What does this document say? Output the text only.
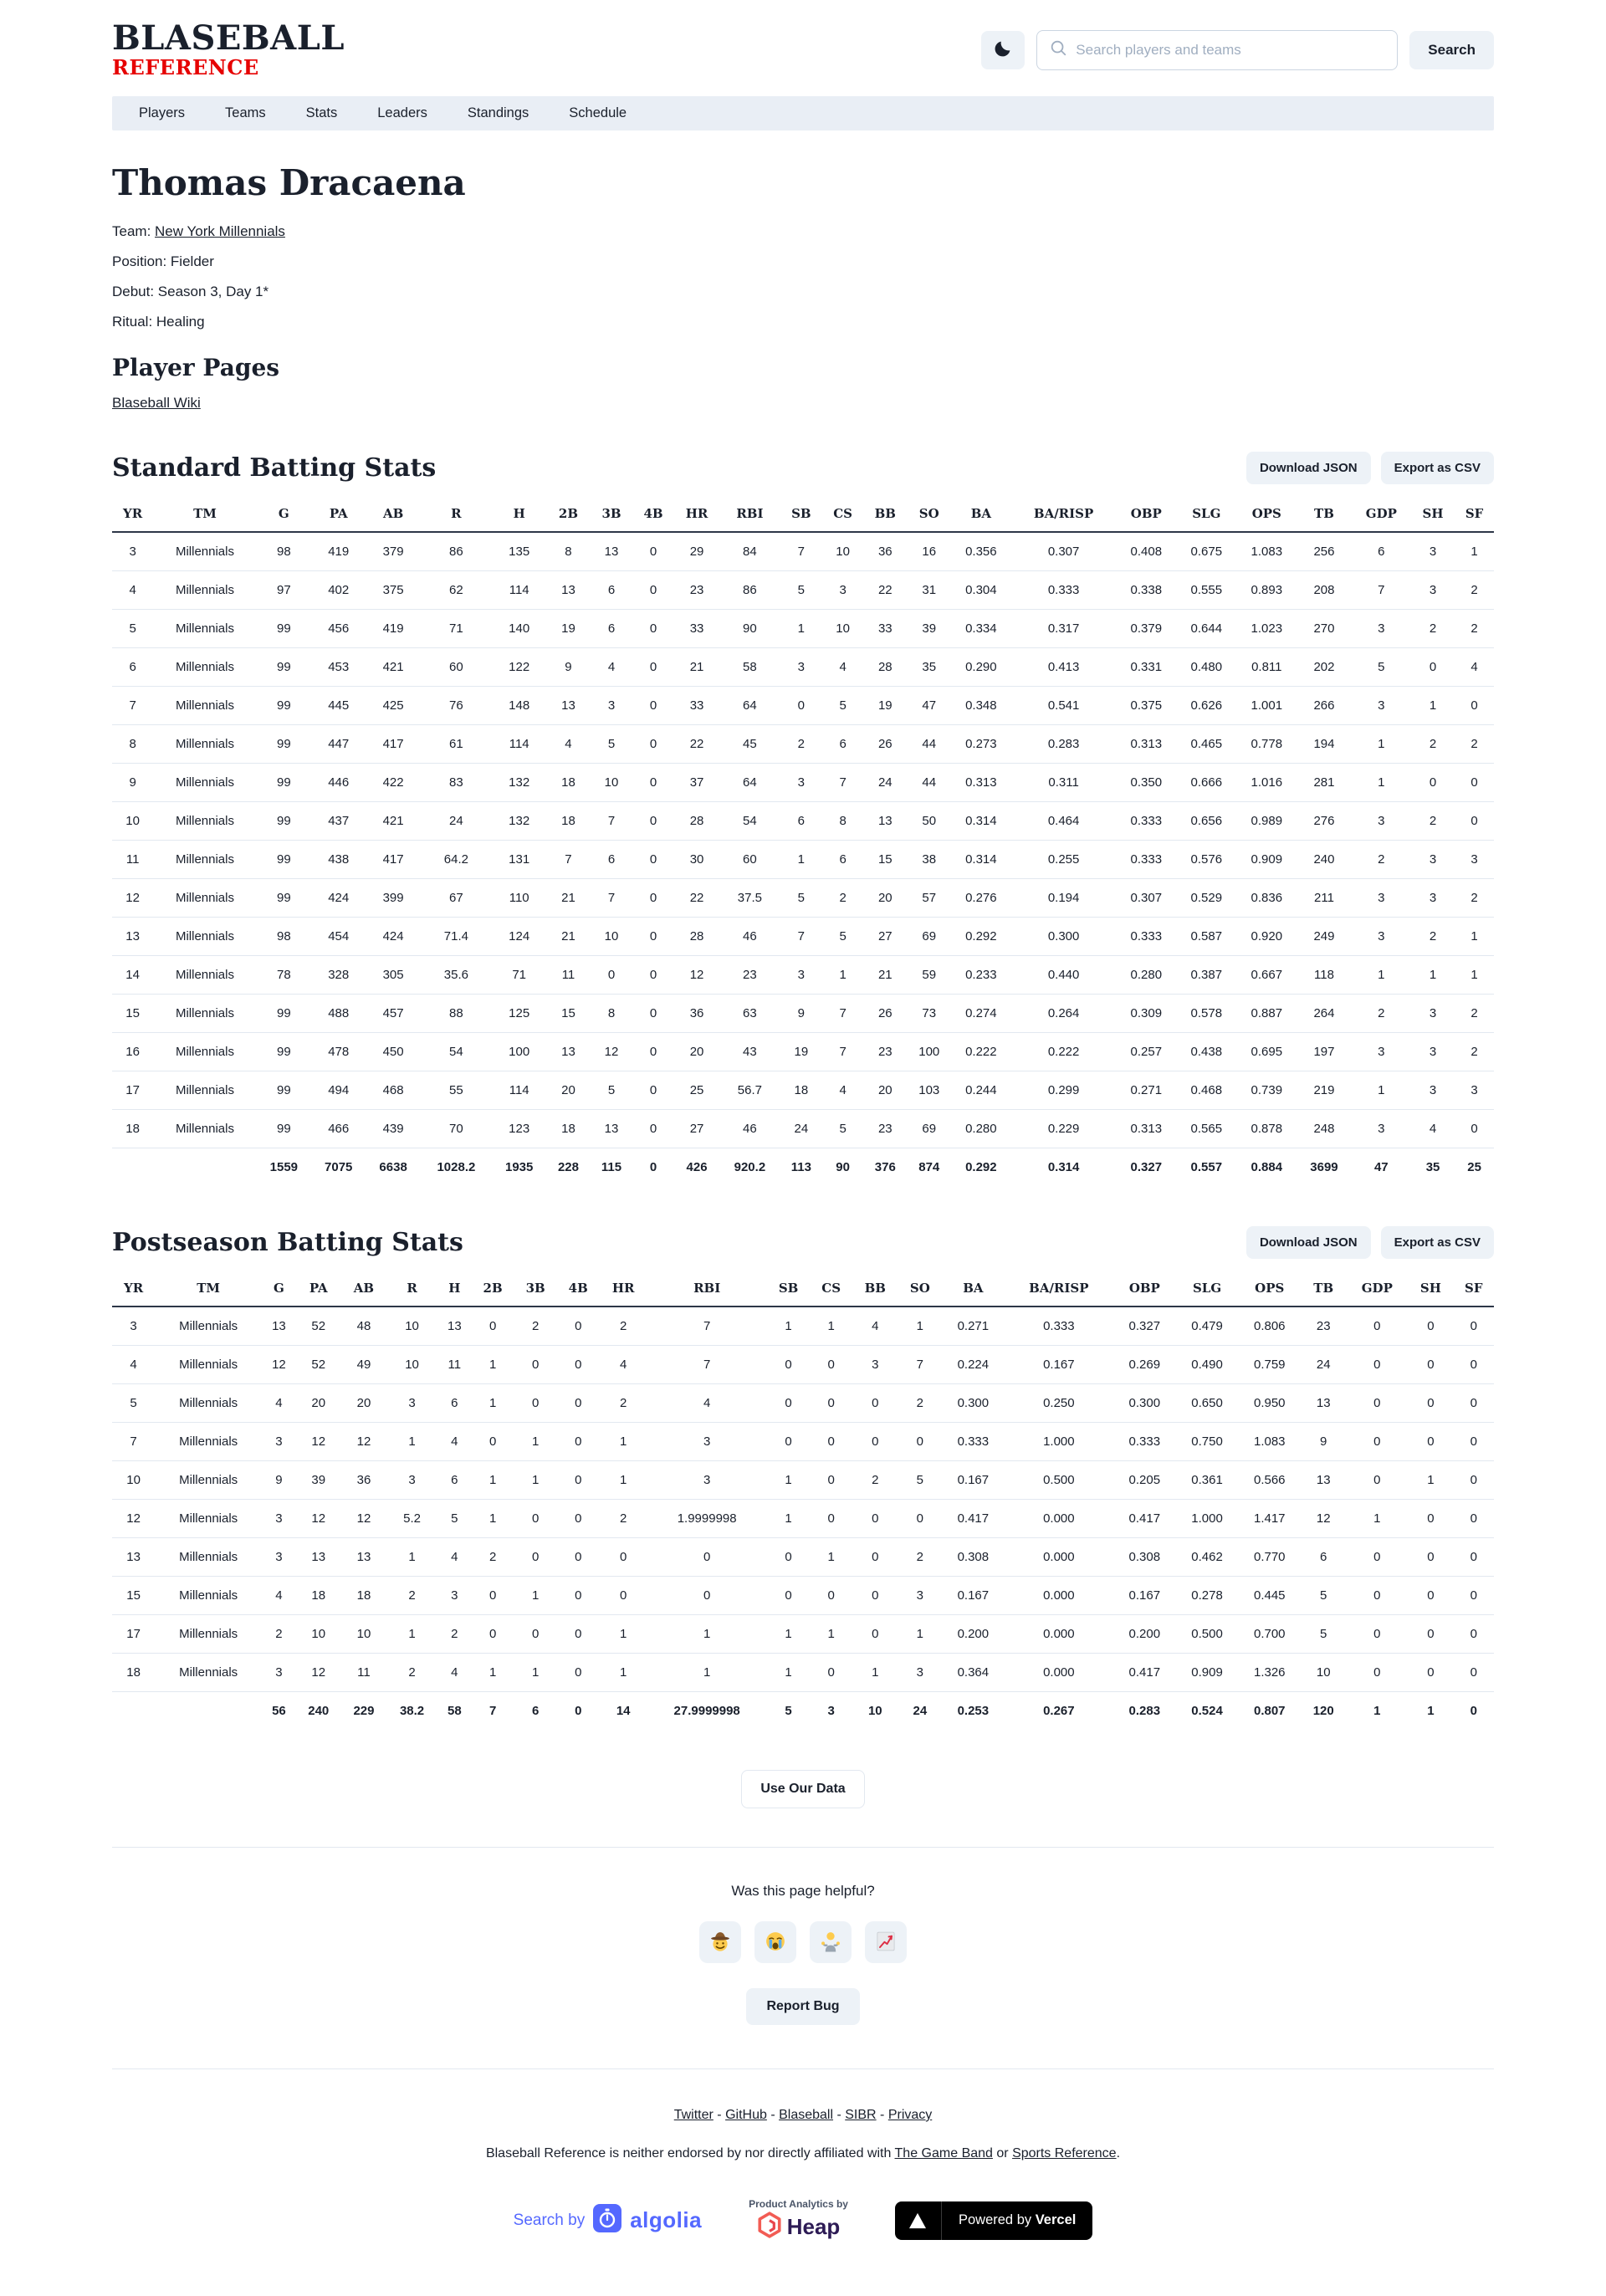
BLASEBALL
REFERENCE
Search players and teams
Search
Players	Teams	Stats	Leaders	Standings	Schedule
Thomas Dracaena

Team: New York Millennials

Position: Fielder

Debut: Season 3, Day 1*

Ritual: Healing

Player Pages

Blaseball Wiki

Standard Batting Stats	Download JSON	Export as CSV
YR	TM	G	PA	AB	R	H	2B	3B	4B	HR	RBI	SB	CS	BB	SO	BA	BA/RISP	OBP	SLG	OPS	TB	GDP	SH	SF
3	Millennials	98	419	379	86	135	8	13	0	29	84	7	10	36	16	0.356	0.307	0.408	0.675	1.083	256	6	3	1
4	Millennials	97	402	375	62	114	13	6	0	23	86	5	3	22	31	0.304	0.333	0.338	0.555	0.893	208	7	3	2
5	Millennials	99	456	419	71	140	19	6	0	33	90	1	10	33	39	0.334	0.317	0.379	0.644	1.023	270	3	2	2
6	Millennials	99	453	421	60	122	9	4	0	21	58	3	4	28	35	0.290	0.413	0.331	0.480	0.811	202	5	0	4
7	Millennials	99	445	425	76	148	13	3	0	33	64	0	5	19	47	0.348	0.541	0.375	0.626	1.001	266	3	1	0
8	Millennials	99	447	417	61	114	4	5	0	22	45	2	6	26	44	0.273	0.283	0.313	0.465	0.778	194	1	2	2
9	Millennials	99	446	422	83	132	18	10	0	37	64	3	7	24	44	0.313	0.311	0.350	0.666	1.016	281	1	0	0
10	Millennials	99	437	421	24	132	18	7	0	28	54	6	8	13	50	0.314	0.464	0.333	0.656	0.989	276	3	2	0
11	Millennials	99	438	417	64.2	131	7	6	0	30	60	1	6	15	38	0.314	0.255	0.333	0.576	0.909	240	2	3	3
12	Millennials	99	424	399	67	110	21	7	0	22	37.5	5	2	20	57	0.276	0.194	0.307	0.529	0.836	211	3	3	2
13	Millennials	98	454	424	71.4	124	21	10	0	28	46	7	5	27	69	0.292	0.300	0.333	0.587	0.920	249	3	2	1
14	Millennials	78	328	305	35.6	71	11	0	0	12	23	3	1	21	59	0.233	0.440	0.280	0.387	0.667	118	1	1	1
15	Millennials	99	488	457	88	125	15	8	0	36	63	9	7	26	73	0.274	0.264	0.309	0.578	0.887	264	2	3	2
16	Millennials	99	478	450	54	100	13	12	0	20	43	19	7	23	100	0.222	0.222	0.257	0.438	0.695	197	3	3	2
17	Millennials	99	494	468	55	114	20	5	0	25	56.7	18	4	20	103	0.244	0.299	0.271	0.468	0.739	219	1	3	3
18	Millennials	99	466	439	70	123	18	13	0	27	46	24	5	23	69	0.280	0.229	0.313	0.565	0.878	248	3	4	0
		1559	7075	6638	1028.2	1935	228	115	0	426	920.2	113	90	376	874	0.292	0.314	0.327	0.557	0.884	3699	47	35	25
Postseason Batting Stats	Download JSON	Export as CSV
YR	TM	G	PA	AB	R	H	2B	3B	4B	HR	RBI	SB	CS	BB	SO	BA	BA/RISP	OBP	SLG	OPS	TB	GDP	SH	SF
3	Millennials	13	52	48	10	13	0	2	0	2	7	1	1	4	1	0.271	0.333	0.327	0.479	0.806	23	0	0	0
4	Millennials	12	52	49	10	11	1	0	0	4	7	0	0	3	7	0.224	0.167	0.269	0.490	0.759	24	0	0	0
5	Millennials	4	20	20	3	6	1	0	0	2	4	0	0	0	2	0.300	0.250	0.300	0.650	0.950	13	0	0	0
7	Millennials	3	12	12	1	4	0	1	0	1	3	0	0	0	0	0.333	1.000	0.333	0.750	1.083	9	0	0	0
10	Millennials	9	39	36	3	6	1	1	0	1	3	1	0	2	5	0.167	0.500	0.205	0.361	0.566	13	0	1	0
12	Millennials	3	12	12	5.2	5	1	0	0	2	1.9999998	1	0	0	0	0.417	0.000	0.417	1.000	1.417	12	1	0	0
13	Millennials	3	13	13	1	4	2	0	0	0	0	0	1	0	2	0.308	0.000	0.308	0.462	0.770	6	0	0	0
15	Millennials	4	18	18	2	3	0	1	0	0	0	0	0	0	3	0.167	0.000	0.167	0.278	0.445	5	0	0	0
17	Millennials	2	10	10	1	2	0	0	0	1	1	1	1	0	1	0.200	0.000	0.200	0.500	0.700	5	0	0	0
18	Millennials	3	12	11	2	4	1	1	0	1	1	1	0	1	3	0.364	0.000	0.417	0.909	1.326	10	0	0	0
		56	240	229	38.2	58	7	6	0	14	27.9999998	5	3	10	24	0.253	0.267	0.283	0.524	0.807	120	1	1	0
Use Our Data

Was this page helpful?

Report Bug

Twitter - GitHub - Blaseball - SIBR - Privacy

Blaseball Reference is neither endorsed by nor directly affiliated with The Game Band or Sports Reference.

Search by algolia
Product Analytics by
Heap	Powered by Vercel
